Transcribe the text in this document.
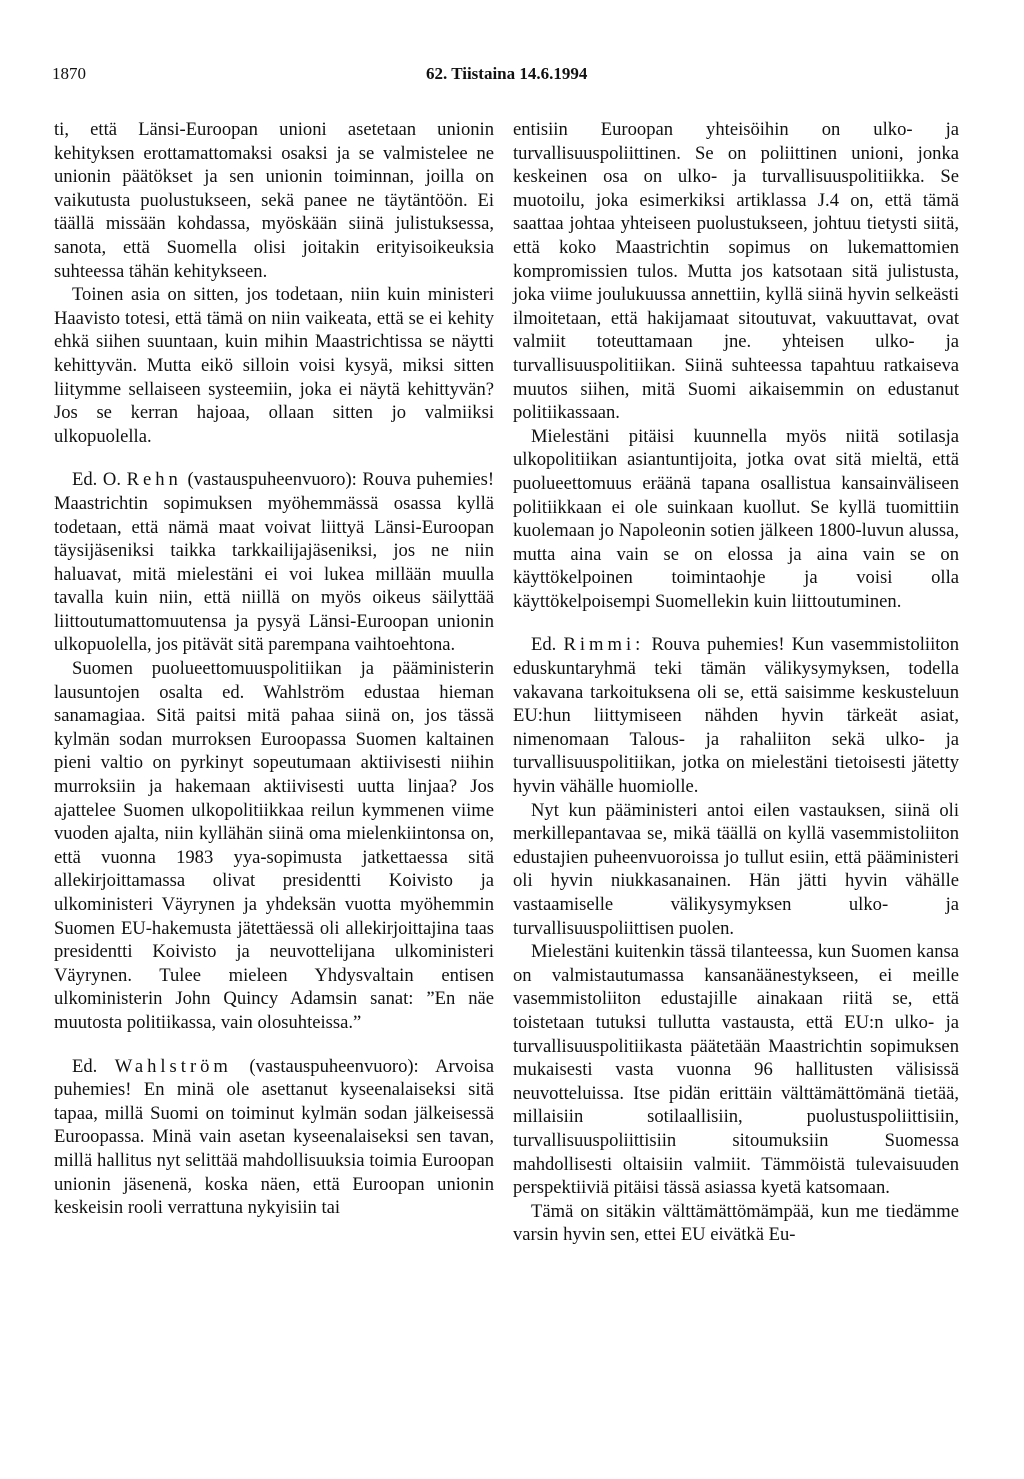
1870	62. Tiistaina 14.6.1994

ti, että Länsi-Euroopan unioni asetetaan unionin kehityksen erottamattomaksi osaksi ja se valmistelee ne unionin päätökset ja sen unionin toiminnan, joilla on vaikutusta puolustukseen, sekä panee ne täytäntöön. Ei täällä missään kohdassa, myöskään siinä julistuksessa, sanota, että Suomella olisi joitakin erityisoikeuksia suhteessa tähän kehitykseen.

Toinen asia on sitten, jos todetaan, niin kuin ministeri Haavisto totesi, että tämä on niin vaikeata, että se ei kehity ehkä siihen suuntaan, kuin mihin Maastrichtissa se näytti kehittyvän. Mutta eikö silloin voisi kysyä, miksi sitten liitymme sellaiseen systeemiin, joka ei näytä kehittyvän? Jos se kerran hajoaa, ollaan sitten jo valmiiksi ulkopuolella.

Ed. O. Rehn (vastauspuheenvuoro): Rouva puhemies! Maastrichtin sopimuksen myöhemmässä osassa kyllä todetaan, että nämä maat voivat liittyä Länsi-Euroopan täysijäseniksi taikka tarkkailijajäseniksi, jos ne niin haluavat, mitä mielestäni ei voi lukea millään muulla tavalla kuin niin, että niillä on myös oikeus säilyttää liittoutumattomuutensa ja pysyä Länsi-Euroopan unionin ulkopuolella, jos pitävät sitä parempana vaihtoehtona.

Suomen puolueettomuuspolitiikan ja pääministerin lausuntojen osalta ed. Wahlström edustaa hieman sanamagiaa. Sitä paitsi mitä pahaa siinä on, jos tässä kylmän sodan murroksen Euroopassa Suomen kaltainen pieni valtio on pyrkinyt sopeutumaan aktiivisesti niihin murroksiin ja hakemaan aktiivisesti uutta linjaa? Jos ajattelee Suomen ulkopolitiikkaa reilun kymmenen viime vuoden ajalta, niin kyllähän siinä oma mielenkiintonsa on, että vuonna 1983 yya-sopimusta jatkettaessa sitä allekirjoittamassa olivat presidentti Koivisto ja ulkoministeri Väyrynen ja yhdeksän vuotta myöhemmin Suomen EU-hakemusta jätettäessä oli allekirjoittajina taas presidentti Koivisto ja neuvottelijana ulkoministeri Väyrynen. Tulee mieleen Yhdysvaltain entisen ulkoministerin John Quincy Adamsin sanat: ”En näe muutosta politiikassa, vain olosuhteissa.”

Ed. Wahlström (vastauspuheenvuoro): Arvoisa puhemies! En minä ole asettanut kyseenalaiseksi sitä tapaa, millä Suomi on toiminut kylmän sodan jälkeisessä Euroopassa. Minä vain asetan kyseenalaiseksi sen tavan, millä hallitus nyt selittää mahdollisuuksia toimia Euroopan unionin jäsenenä, koska näen, että Euroopan unionin keskeisin rooli verrattuna nykyisiin tai

entisiin Euroopan yhteisöihin on ulko- ja turvallisuuspoliittinen. Se on poliittinen unioni, jonka keskeinen osa on ulko- ja turvallisuuspolitiikka. Se muotoilu, joka esimerkiksi artiklassa J.4 on, että tämä saattaa johtaa yhteiseen puolustukseen, johtuu tietysti siitä, että koko Maastrichtin sopimus on lukemattomien kompromissien tulos. Mutta jos katsotaan sitä julistusta, joka viime joulukuussa annettiin, kyllä siinä hyvin selkeästi ilmoitetaan, että hakijamaat sitoutuvat, vakuuttavat, ovat valmiit toteuttamaan jne. yhteisen ulko- ja turvallisuuspolitiikan. Siinä suhteessa tapahtuu ratkaiseva muutos siihen, mitä Suomi aikaisemmin on edustanut politiikassaan.

Mielestäni pitäisi kuunnella myös niitä sotilasja ulkopolitiikan asiantuntijoita, jotka ovat sitä mieltä, että puolueettomuus eräänä tapana osallistua kansainväliseen politiikkaan ei ole suinkaan kuollut. Se kyllä tuomittiin kuolemaan jo Napoleonin sotien jälkeen 1800-luvun alussa, mutta aina vain se on elossa ja aina vain se on käyttökelpoinen toimintaohje ja voisi olla käyttökelpoisempi Suomellekin kuin liittoutuminen.

Ed. Rimmi: Rouva puhemies! Kun vasemmistoliiton eduskuntaryhmä teki tämän välikysymyksen, todella vakavana tarkoituksena oli se, että saisimme keskusteluun EU:hun liittymiseen nähden hyvin tärkeät asiat, nimenomaan Talous- ja rahaliiton sekä ulko- ja turvallisuuspolitiikan, jotka on mielestäni tietoisesti jätetty hyvin vähälle huomiolle.

Nyt kun pääministeri antoi eilen vastauksen, siinä oli merkillepantavaa se, mikä täällä on kyllä vasemmistoliiton edustajien puheenvuoroissa jo tullut esiin, että pääministeri oli hyvin niukkasanainen. Hän jätti hyvin vähälle vastaamiselle välikysymyksen ulko- ja turvallisuuspoliittisen puolen.

Mielestäni kuitenkin tässä tilanteessa, kun Suomen kansa on valmistautumassa kansanäänestykseen, ei meille vasemmistoliiton edustajille ainakaan riitä se, että toistetaan tutuksi tullutta vastausta, että EU:n ulko- ja turvallisuuspolitiikasta päätetään Maastrichtin sopimuksen mukaisesti vasta vuonna 96 hallitusten välisissä neuvotteluissa. Itse pidän erittäin välttämättömänä tietää, millaisiin sotilaallisiin, puolustuspoliittisiin, turvallisuuspoliittisiin sitoumuksiin Suomessa mahdollisesti oltaisiin valmiit. Tämmöistä tulevaisuuden perspektiiviä pitäisi tässä asiassa kyetä katsomaan.

Tämä on sitäkin välttämättömämpää, kun me tiedämme varsin hyvin sen, ettei EU eivätkä Eu-
